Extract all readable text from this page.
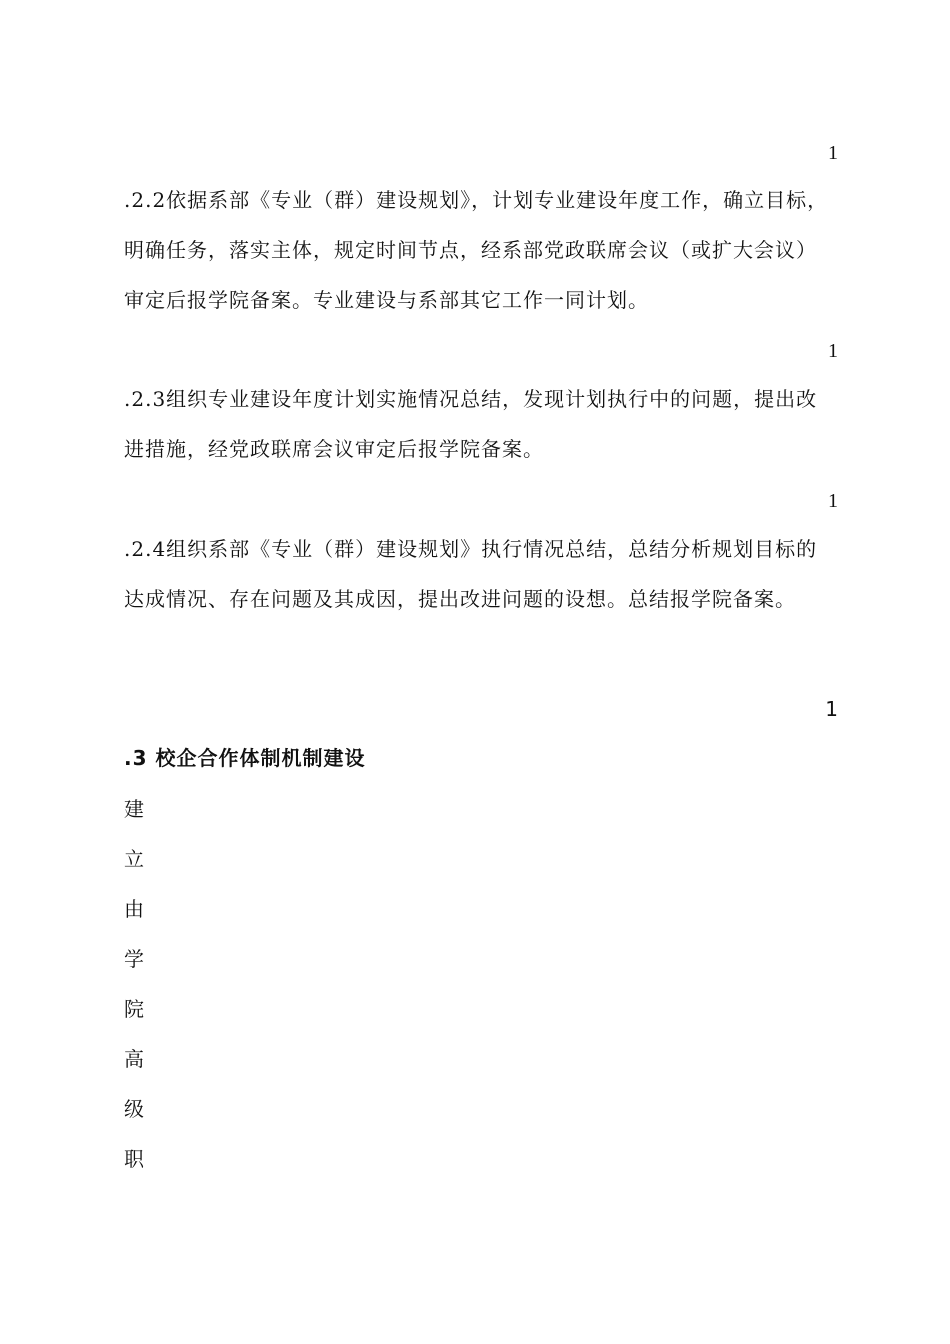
1

.2.2依据系部《专业（群）建设规划》，计划专业建设年度工作，确立目标，明确任务，落实主体，规定时间节点，经系部党政联席会议（或扩大会议）审定后报学院备案。专业建设与系部其它工作一同计划。

1

.2.3组织专业建设年度计划实施情况总结，发现计划执行中的问题，提出改进措施，经党政联席会议审定后报学院备案。

1

.2.4组织系部《专业（群）建设规划》执行情况总结，总结分析规划目标的达成情况、存在问题及其成因，提出改进问题的设想。总结报学院备案。

1
.3 校企合作体制机制建设
建
立
由
学
院
高
级
职
